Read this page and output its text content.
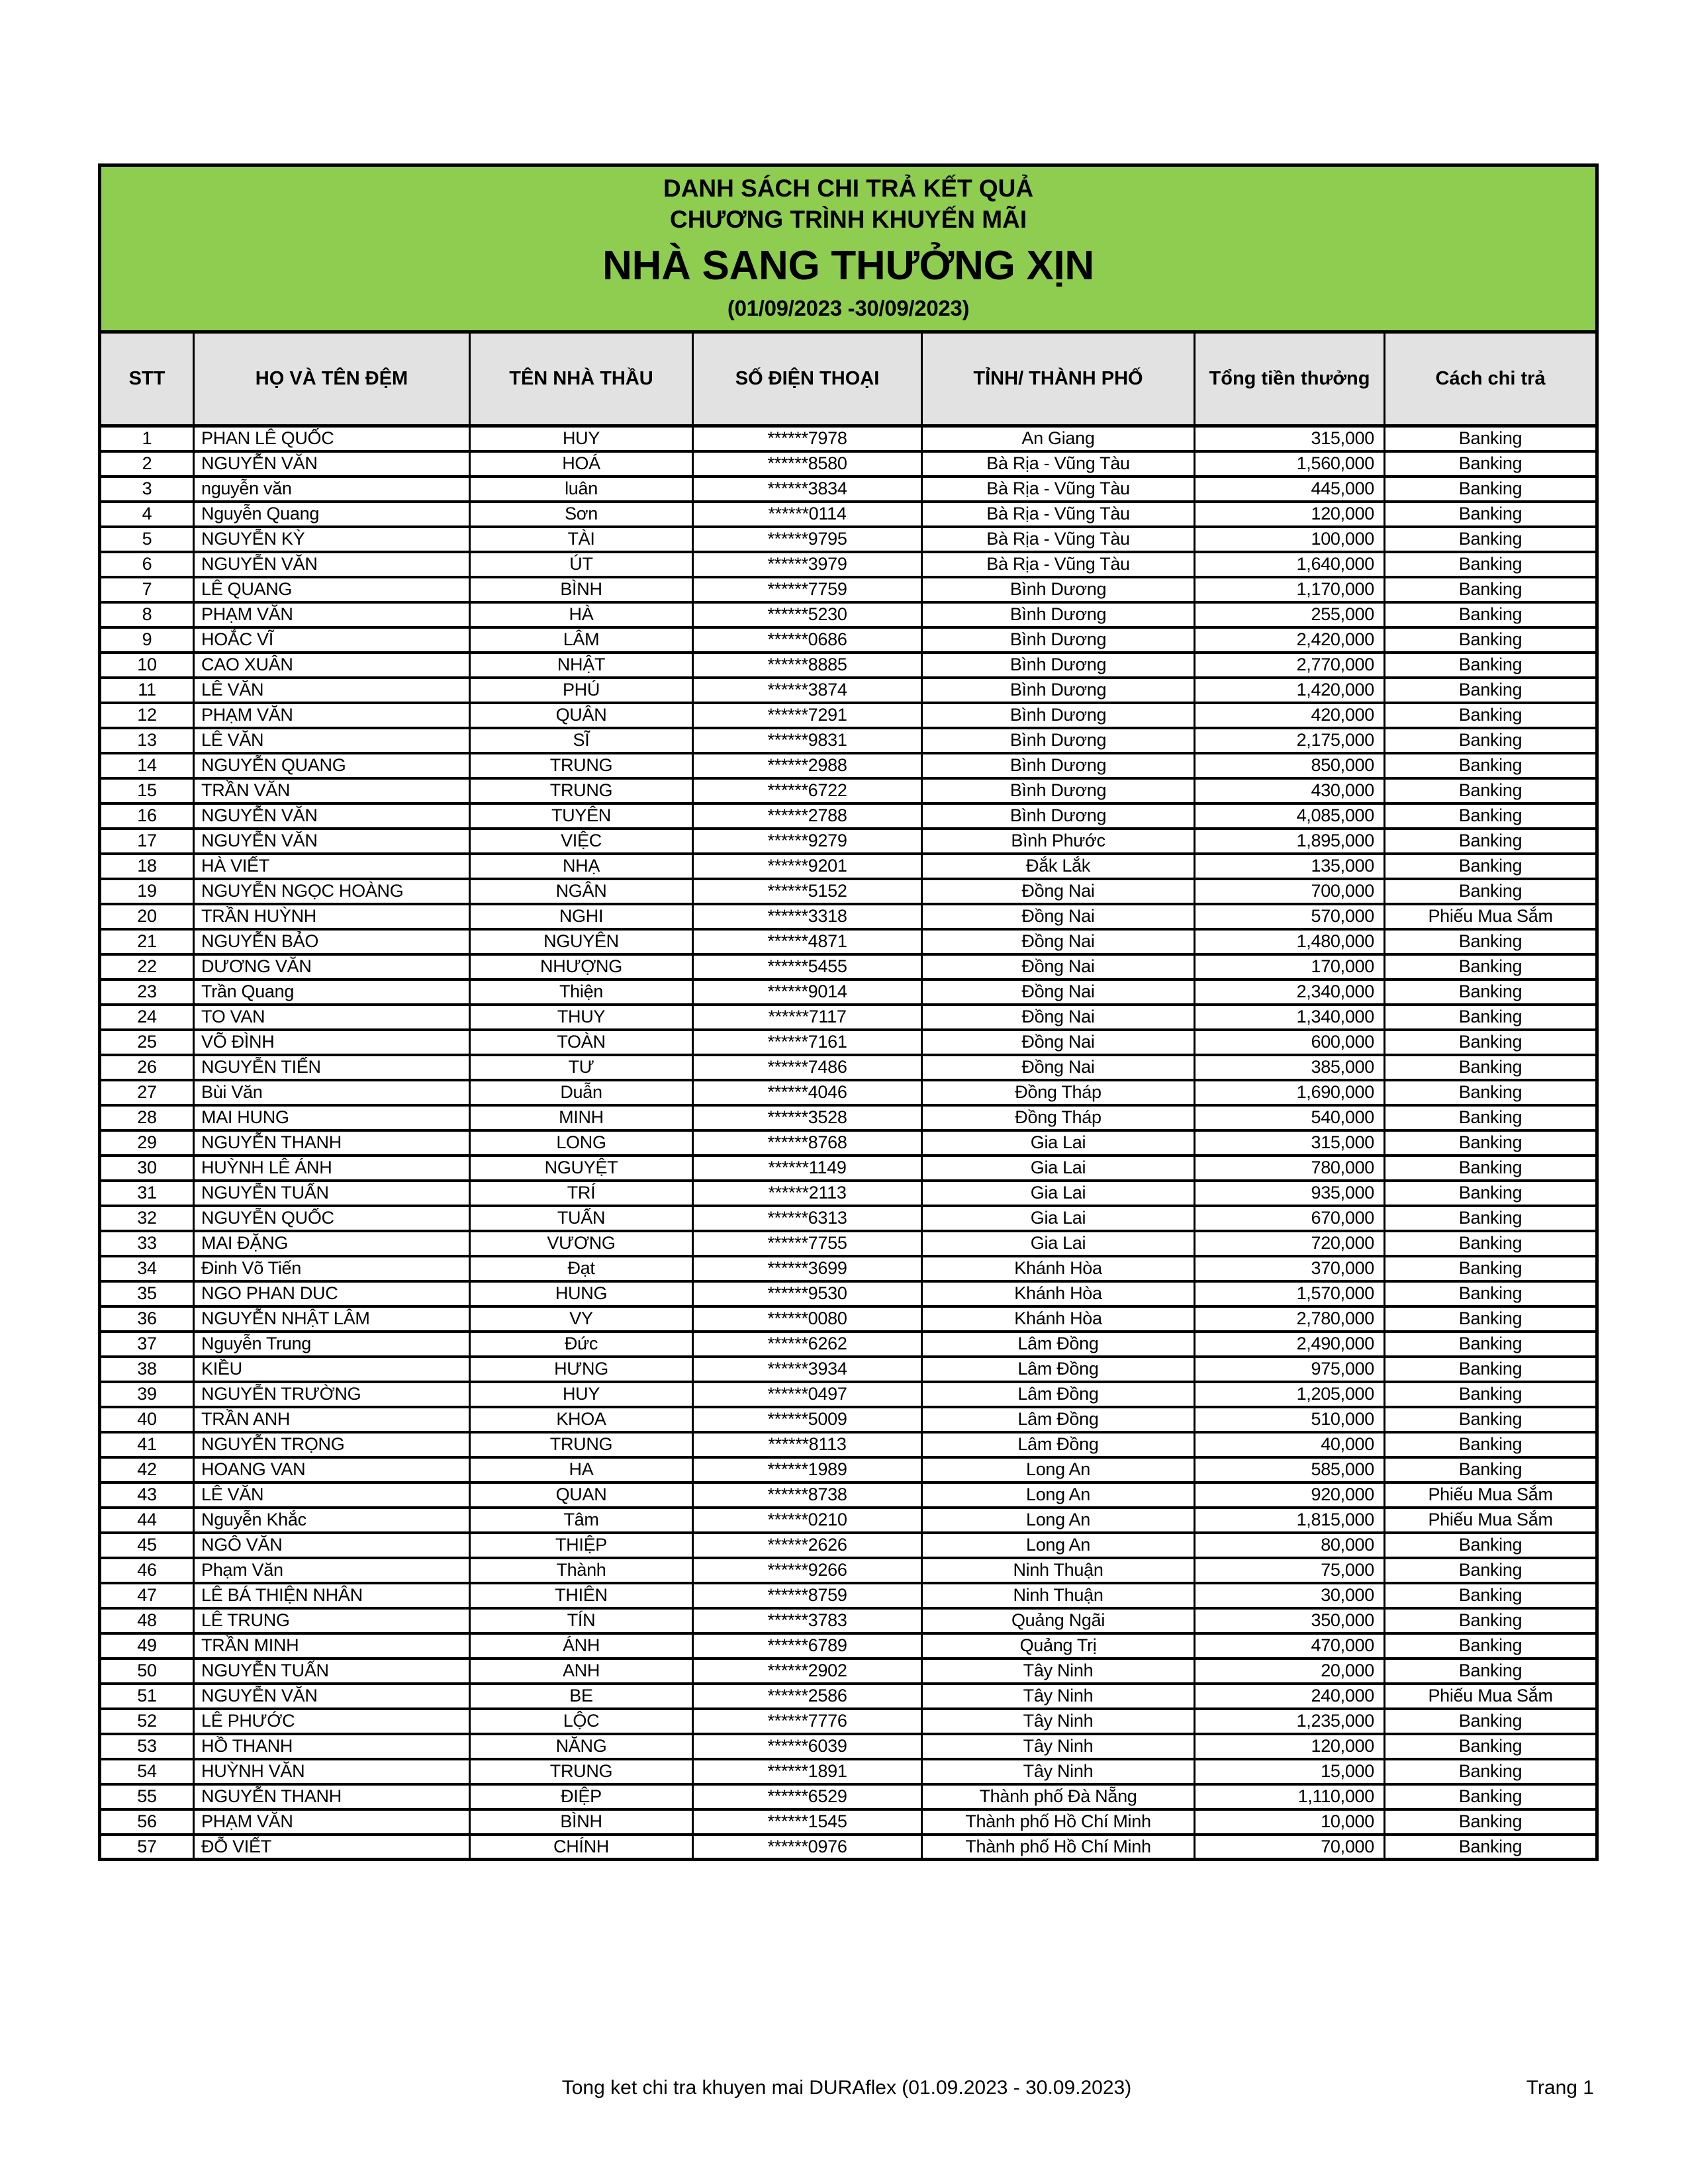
DANH SÁCH CHI TRẢ KẾT QUẢ
CHƯƠNG TRÌNH KHUYẾN MÃI
NHÀ SANG THƯỞNG XỊN
(01/09/2023 -30/09/2023)						

STT	HỌ VÀ TÊN ĐỆM	TÊN NHÀ THẦU	SỐ ĐIỆN THOẠI	TỈNH/ THÀNH PHỐ	Tổng tiền thưởng	Cách chi trả
1	PHAN LÊ QUỐC	HUY	******7978	An Giang	315,000	Banking
2	NGUYỄN VĂN	HOÁ	******8580	Bà Rịa - Vũng Tàu	1,560,000	Banking
3	nguyễn văn	luân	******3834	Bà Rịa - Vũng Tàu	445,000	Banking
4	Nguyễn Quang	Sơn	******0114	Bà Rịa - Vũng Tàu	120,000	Banking
5	NGUYỄN KỲ	TÀI	******9795	Bà Rịa - Vũng Tàu	100,000	Banking
6	NGUYỄN VĂN	ÚT	******3979	Bà Rịa - Vũng Tàu	1,640,000	Banking
7	LÊ QUANG	BÌNH	******7759	Bình Dương	1,170,000	Banking
8	PHẠM VĂN	HÀ	******5230	Bình Dương	255,000	Banking
9	HOẮC VĨ	LÂM	******0686	Bình Dương	2,420,000	Banking
10	CAO XUÂN	NHẬT	******8885	Bình Dương	2,770,000	Banking
11	LÊ VĂN	PHÚ	******3874	Bình Dương	1,420,000	Banking
12	PHẠM VĂN	QUÂN	******7291	Bình Dương	420,000	Banking
13	LÊ VĂN	SĨ	******9831	Bình Dương	2,175,000	Banking
14	NGUYỄN QUANG	TRUNG	******2988	Bình Dương	850,000	Banking
15	TRẦN VĂN	TRUNG	******6722	Bình Dương	430,000	Banking
16	NGUYỄN VĂN	TUYÊN	******2788	Bình Dương	4,085,000	Banking
17	NGUYỄN VĂN	VIỆC	******9279	Bình Phước	1,895,000	Banking
18	HÀ VIẾT	NHẠ	******9201	Đắk Lắk	135,000	Banking
19	NGUYỄN NGỌC HOÀNG	NGÂN	******5152	Đồng Nai	700,000	Banking
20	TRẦN HUỲNH	NGHI	******3318	Đồng Nai	570,000	Phiếu Mua Sắm
21	NGUYỄN BẢO	NGUYÊN	******4871	Đồng Nai	1,480,000	Banking
22	DƯƠNG VĂN	NHƯỢNG	******5455	Đồng Nai	170,000	Banking
23	Trần Quang	Thiện	******9014	Đồng Nai	2,340,000	Banking
24	TO VAN	THUY	******7117	Đồng Nai	1,340,000	Banking
25	VÕ ĐÌNH	TOÀN	******7161	Đồng Nai	600,000	Banking
26	NGUYỄN TIẾN	TƯ	******7486	Đồng Nai	385,000	Banking
27	Bùi Văn	Duẫn	******4046	Đồng Tháp	1,690,000	Banking
28	MAI HUNG	MINH	******3528	Đồng Tháp	540,000	Banking
29	NGUYỄN THANH	LONG	******8768	Gia Lai	315,000	Banking
30	HUỲNH LÊ ÁNH	NGUYỆT	******1149	Gia Lai	780,000	Banking
31	NGUYỄN TUẤN	TRÍ	******2113	Gia Lai	935,000	Banking
32	NGUYỄN QUỐC	TUẤN	******6313	Gia Lai	670,000	Banking
33	MAI ĐẶNG	VƯƠNG	******7755	Gia Lai	720,000	Banking
34	Đinh Võ Tiến	Đạt	******3699	Khánh Hòa	370,000	Banking
35	NGO PHAN DUC	HUNG	******9530	Khánh Hòa	1,570,000	Banking
36	NGUYỄN NHẬT LÂM	VY	******0080	Khánh Hòa	2,780,000	Banking
37	Nguyễn Trung	Đức	******6262	Lâm Đồng	2,490,000	Banking
38	KIỀU	HƯNG	******3934	Lâm Đồng	975,000	Banking
39	NGUYỄN TRƯỜNG	HUY	******0497	Lâm Đồng	1,205,000	Banking
40	TRẦN ANH	KHOA	******5009	Lâm Đồng	510,000	Banking
41	NGUYỄN TRỌNG	TRUNG	******8113	Lâm Đồng	40,000	Banking
42	HOANG VAN	HA	******1989	Long An	585,000	Banking
43	LÊ VĂN	QUAN	******8738	Long An	920,000	Phiếu Mua Sắm
44	Nguyễn Khắc	Tâm	******0210	Long An	1,815,000	Phiếu Mua Sắm
45	NGÔ VĂN	THIỆP	******2626	Long An	80,000	Banking
46	Phạm Văn	Thành	******9266	Ninh Thuận	75,000	Banking
47	LÊ BÁ THIỆN NHÂN	THIÊN	******8759	Ninh Thuận	30,000	Banking
48	LÊ TRUNG	TÍN	******3783	Quảng Ngãi	350,000	Banking
49	TRẦN MINH	ÁNH	******6789	Quảng Trị	470,000	Banking
50	NGUYỄN TUẤN	ANH	******2902	Tây Ninh	20,000	Banking
51	NGUYỄN VĂN	BE	******2586	Tây Ninh	240,000	Phiếu Mua Sắm
52	LÊ PHƯỚC	LỘC	******7776	Tây Ninh	1,235,000	Banking
53	HỒ THANH	NĂNG	******6039	Tây Ninh	120,000	Banking
54	HUỲNH VĂN	TRUNG	******1891	Tây Ninh	15,000	Banking
55	NGUYỄN THANH	ĐIỆP	******6529	Thành phố Đà Nẵng	1,110,000	Banking
56	PHẠM VĂN	BÌNH	******1545	Thành phố Hồ Chí Minh	10,000	Banking
57	ĐỖ VIẾT	CHÍNH	******0976	Thành phố Hồ Chí Minh	70,000	Banking
Tong ket chi tra khuyen mai DURAflex (01.09.2023 - 30.09.2023)	Trang 1
